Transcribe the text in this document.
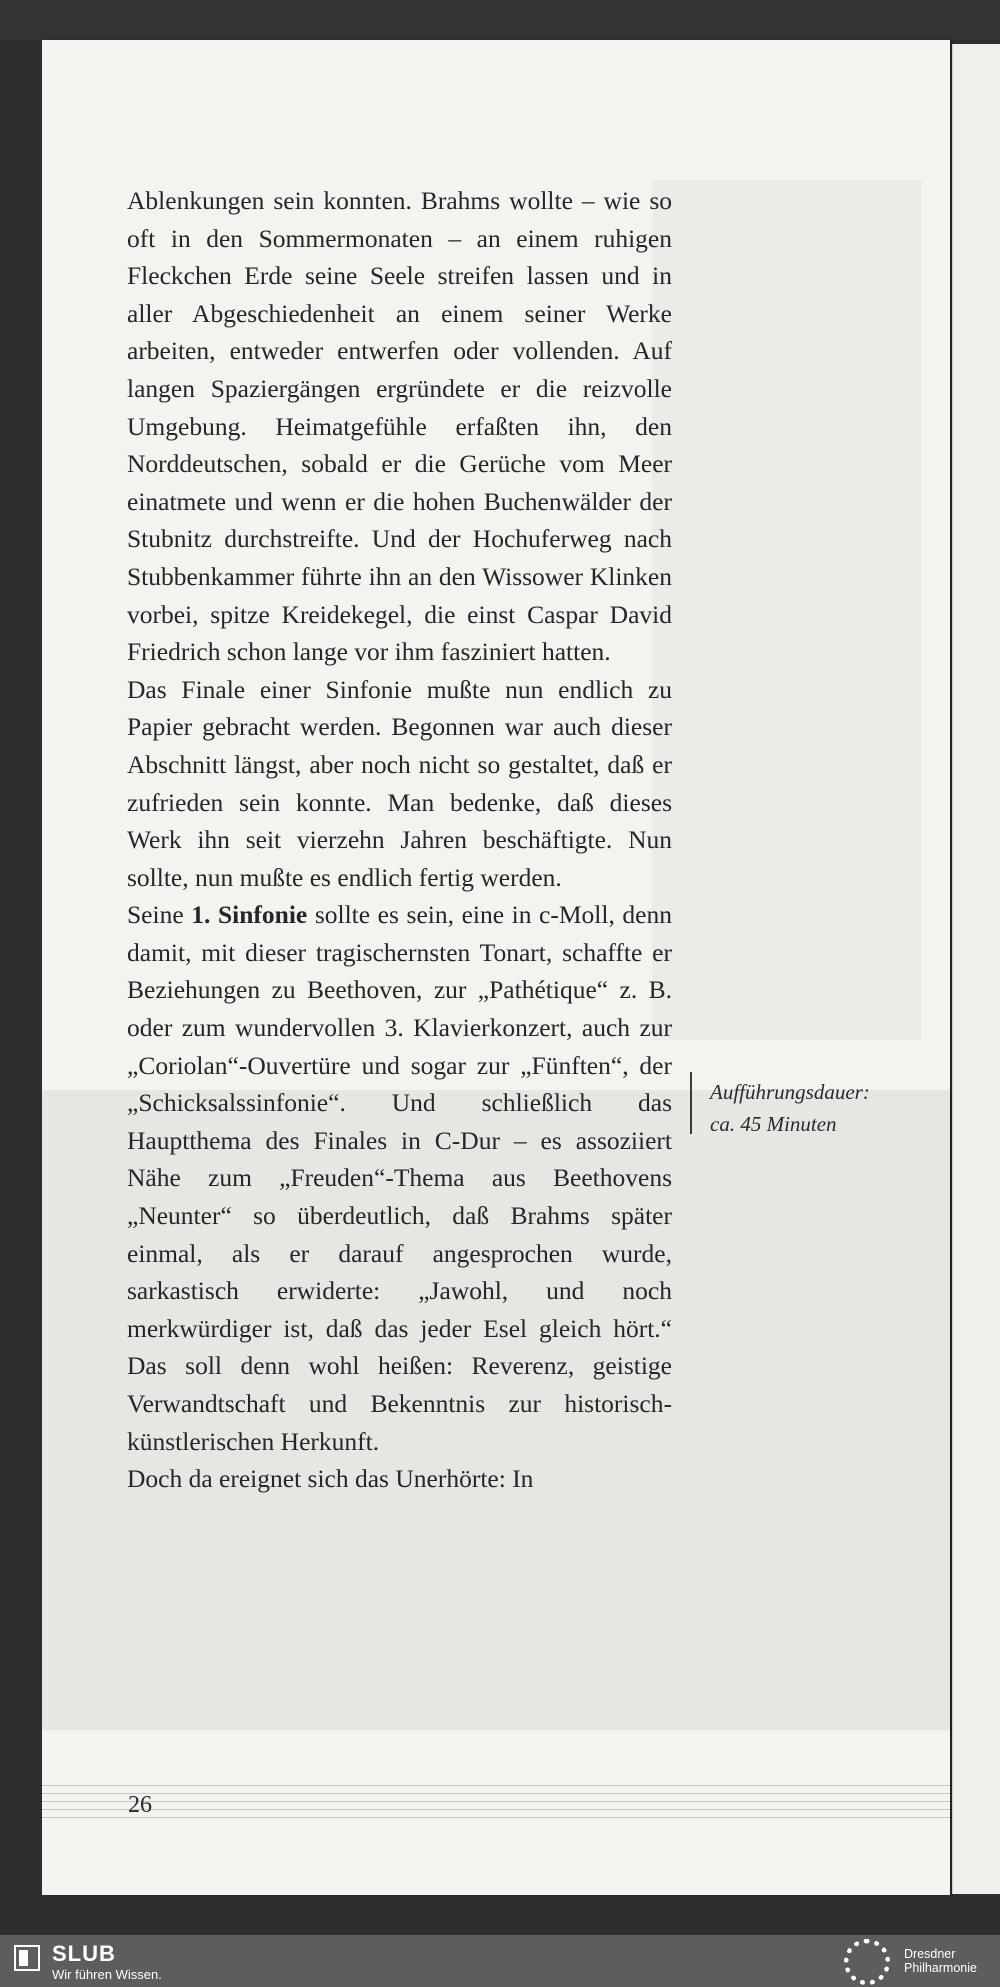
Ablenkungen sein konnten. Brahms wollte – wie so oft in den Sommermonaten – an einem ruhigen Fleckchen Erde seine Seele streifen lassen und in aller Abgeschiedenheit an einem seiner Werke arbeiten, entweder entwerfen oder vollenden. Auf langen Spaziergängen ergründete er die reizvolle Umgebung. Heimatgefühle erfaßten ihn, den Norddeutschen, sobald er die Gerüche vom Meer einatmete und wenn er die hohen Buchenwälder der Stubnitz durchstreifte. Und der Hochuferweg nach Stubbenkammer führte ihn an den Wissower Klinken vorbei, spitze Kreidekegel, die einst Caspar David Friedrich schon lange vor ihm fasziniert hatten.

Das Finale einer Sinfonie mußte nun endlich zu Papier gebracht werden. Begonnen war auch dieser Abschnitt längst, aber noch nicht so gestaltet, daß er zufrieden sein konnte. Man bedenke, daß dieses Werk ihn seit vierzehn Jahren beschäftigte. Nun sollte, nun mußte es endlich fertig werden.

Seine 1. Sinfonie sollte es sein, eine in c-Moll, denn damit, mit dieser tragischernsten Tonart, schaffte er Beziehungen zu Beethoven, zur „Pathétique“ z. B. oder zum wundervollen 3. Klavierkonzert, auch zur „Coriolan“-Ouvertüre und sogar zur „Fünften“, der „Schicksalssinfonie“. Und schließlich das Hauptthema des Finales in C-Dur – es assoziiert Nähe zum „Freuden“-Thema aus Beethovens „Neunter“ so überdeutlich, daß Brahms später einmal, als er darauf angesprochen wurde, sarkastisch erwiderte: „Jawohl, und noch merkwürdiger ist, daß das jeder Esel gleich hört.“ Das soll denn wohl heißen: Reverenz, geistige Verwandtschaft und Bekenntnis zur historisch-künstlerischen Herkunft.

Doch da ereignet sich das Unerhörte: In

Aufführungsdauer:
ca. 45 Minuten
26
SLUB
Wir führen Wissen.
Dresdner
Philharmonie
